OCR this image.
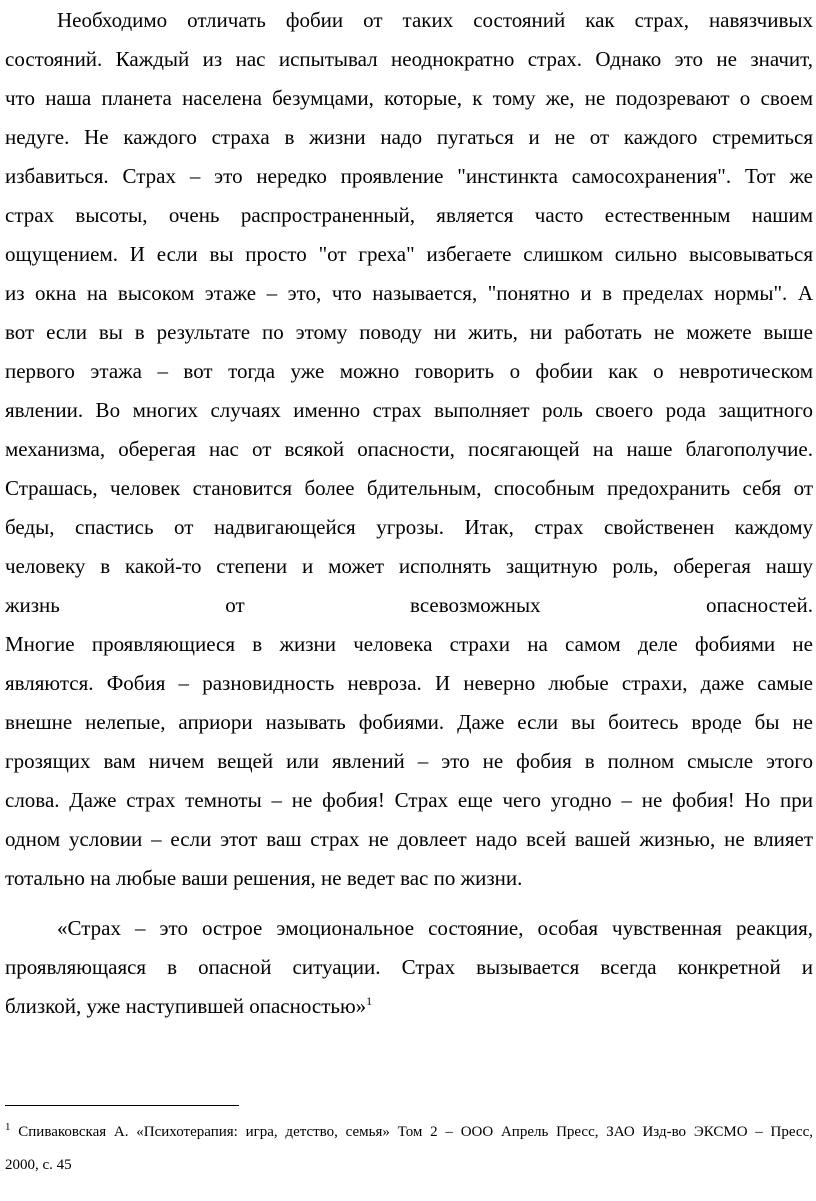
Необходимо отличать фобии от таких состояний как страх, навязчивых
состояний. Каждый из нас испытывал неоднократно страх. Однако это не значит,
что наша планета населена безумцами, которые, к тому же, не подозревают о своем
недуге. Не каждого страха в жизни надо пугаться и не от каждого стремиться
избавиться. Страх – это нередко проявление "инстинкта самосохранения". Тот же
страх высоты, очень распространенный, является часто естественным нашим
ощущением. И если вы просто "от греха" избегаете слишком сильно высовываться
из окна на высоком этаже – это, что называется, "понятно и в пределах нормы". А
вот если вы в результате по этому поводу ни жить, ни работать не можете выше
первого этажа – вот тогда уже можно говорить о фобии как о невротическом
явлении. Во многих случаях именно страх выполняет роль своего рода защитного
механизма, оберегая нас от всякой опасности, посягающей на наше благополучие.
Страшась, человек становится более бдительным, способным предохранить себя от
беды, спастись от надвигающейся угрозы. Итак, страх свойственен каждому
человеку в какой-то степени и может исполнять защитную роль, оберегая нашу
жизнь от всевозможных опасностей.
Многие проявляющиеся в жизни человека страхи на самом деле фобиями не
являются. Фобия – разновидность невроза. И неверно любые страхи, даже самые
внешне нелепые, априори называть фобиями. Даже если вы боитесь вроде бы не
грозящих вам ничем вещей или явлений – это не фобия в полном смысле этого
слова. Даже страх темноты – не фобия! Страх еще чего угодно – не фобия! Но при
одном условии – если этот ваш страх не довлеет надо всей вашей жизнью, не влияет
тотально на любые ваши решения, не ведет вас по жизни.
«Страх – это острое эмоциональное состояние, особая чувственная реакция,
проявляющаяся в опасной ситуации. Страх вызывается всегда конкретной и
близкой, уже наступившей опасностью»$^1$
$^1$ Спиваковская А. «Психотерапия: игра, детство, семья» Том 2 – ООО Апрель Пресс, ЗАО Изд-во ЭКСМО – Пресс,
2000, с. 45
